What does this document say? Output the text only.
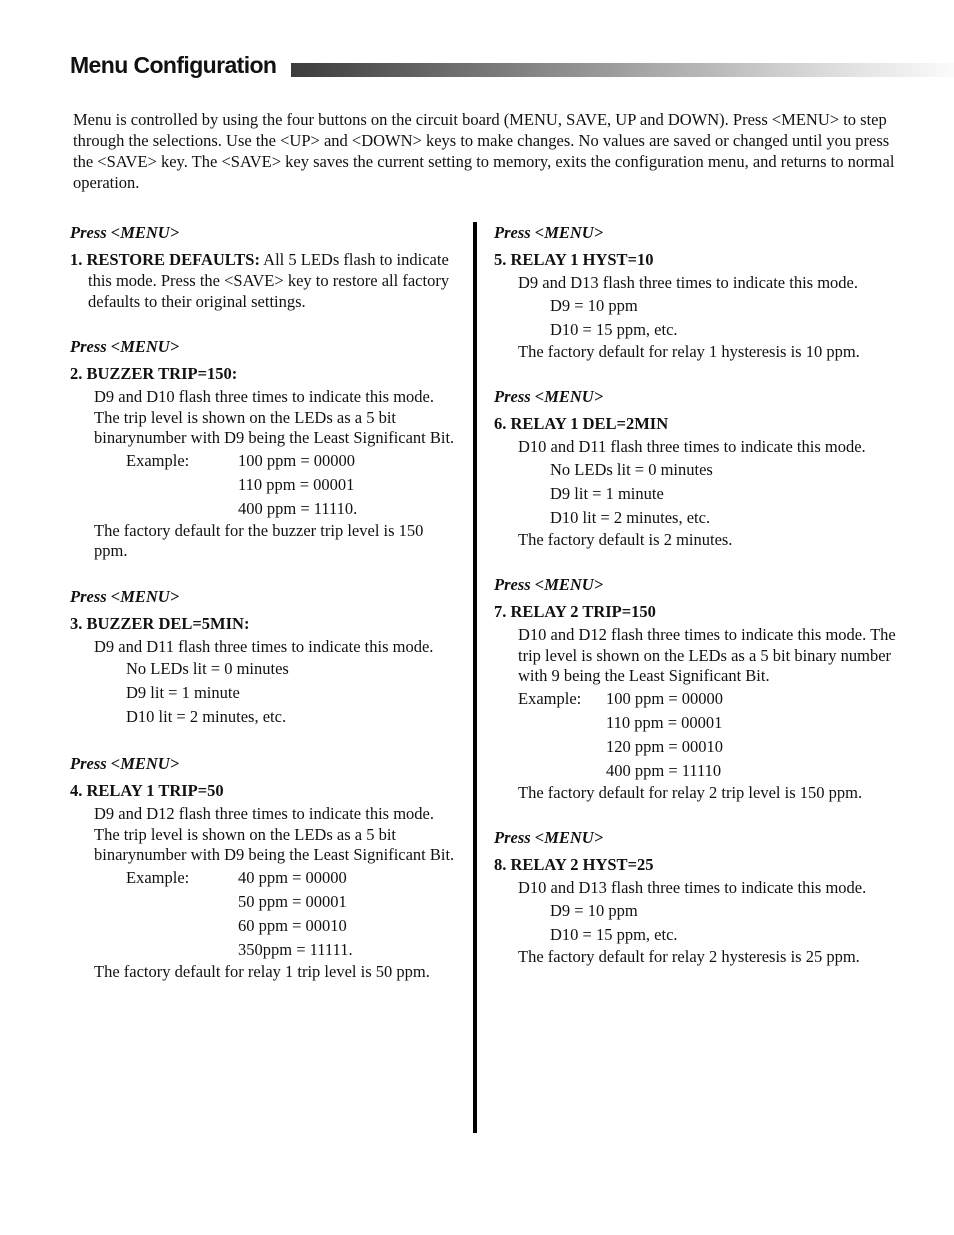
Menu Configuration
Menu is controlled by using the four buttons on the circuit board (MENU, SAVE, UP and DOWN). Press <MENU> to step through the selections. Use the <UP> and <DOWN> keys to make changes. No values are saved or changed until you press the <SAVE> key. The <SAVE> key saves the current setting to memory, exits the configuration menu, and returns to normal operation.
Press <MENU>
1. RESTORE DEFAULTS: All 5 LEDs flash to indicate this mode. Press the <SAVE> key to restore all factory defaults to their original settings.
Press <MENU>
2. BUZZER TRIP=150:
D9 and D10 flash three times to indicate this mode. The trip level is shown on the LEDs as a 5 bit binarynumber with D9 being the Least Significant Bit.
Example:	100 ppm = 00000
110 ppm = 00001
400 ppm = 11110.
The factory default for the buzzer trip level is 150 ppm.
Press <MENU>
3. BUZZER DEL=5MIN:
D9 and D11 flash three times to indicate this mode.
No LEDs lit = 0 minutes
D9 lit = 1 minute
D10 lit = 2 minutes, etc.
Press <MENU>
4. RELAY 1 TRIP=50
D9 and D12 flash three times to indicate this mode. The trip level is shown on the LEDs as a 5 bit binarynumber with D9 being the Least Significant Bit.
Example:	40 ppm = 00000
50 ppm = 00001
60 ppm = 00010
350ppm = 11111.
The factory default for relay 1 trip level is 50 ppm.
Press <MENU>
5. RELAY 1 HYST=10
D9 and D13 flash three times to indicate this mode.
D9 = 10 ppm
D10 = 15 ppm, etc.
The factory default for relay 1 hysteresis is 10 ppm.
Press <MENU>
6. RELAY 1 DEL=2MIN
D10 and D11 flash three times to indicate this mode.
No LEDs lit = 0 minutes
D9 lit = 1 minute
D10 lit = 2 minutes, etc.
The factory default is 2 minutes.
Press <MENU>
7. RELAY 2 TRIP=150
D10 and D12 flash three times to indicate this mode. The trip level is shown on the LEDs as a 5 bit binary number with 9 being the Least Significant Bit.
Example:	100 ppm = 00000
110 ppm = 00001
120 ppm = 00010
400 ppm = 11110
The factory default for relay 2 trip level is 150 ppm.
Press <MENU>
8. RELAY 2 HYST=25
D10 and D13 flash three times to indicate this mode.
D9 = 10 ppm
D10 = 15 ppm, etc.
The factory default for relay 2 hysteresis is 25 ppm.
